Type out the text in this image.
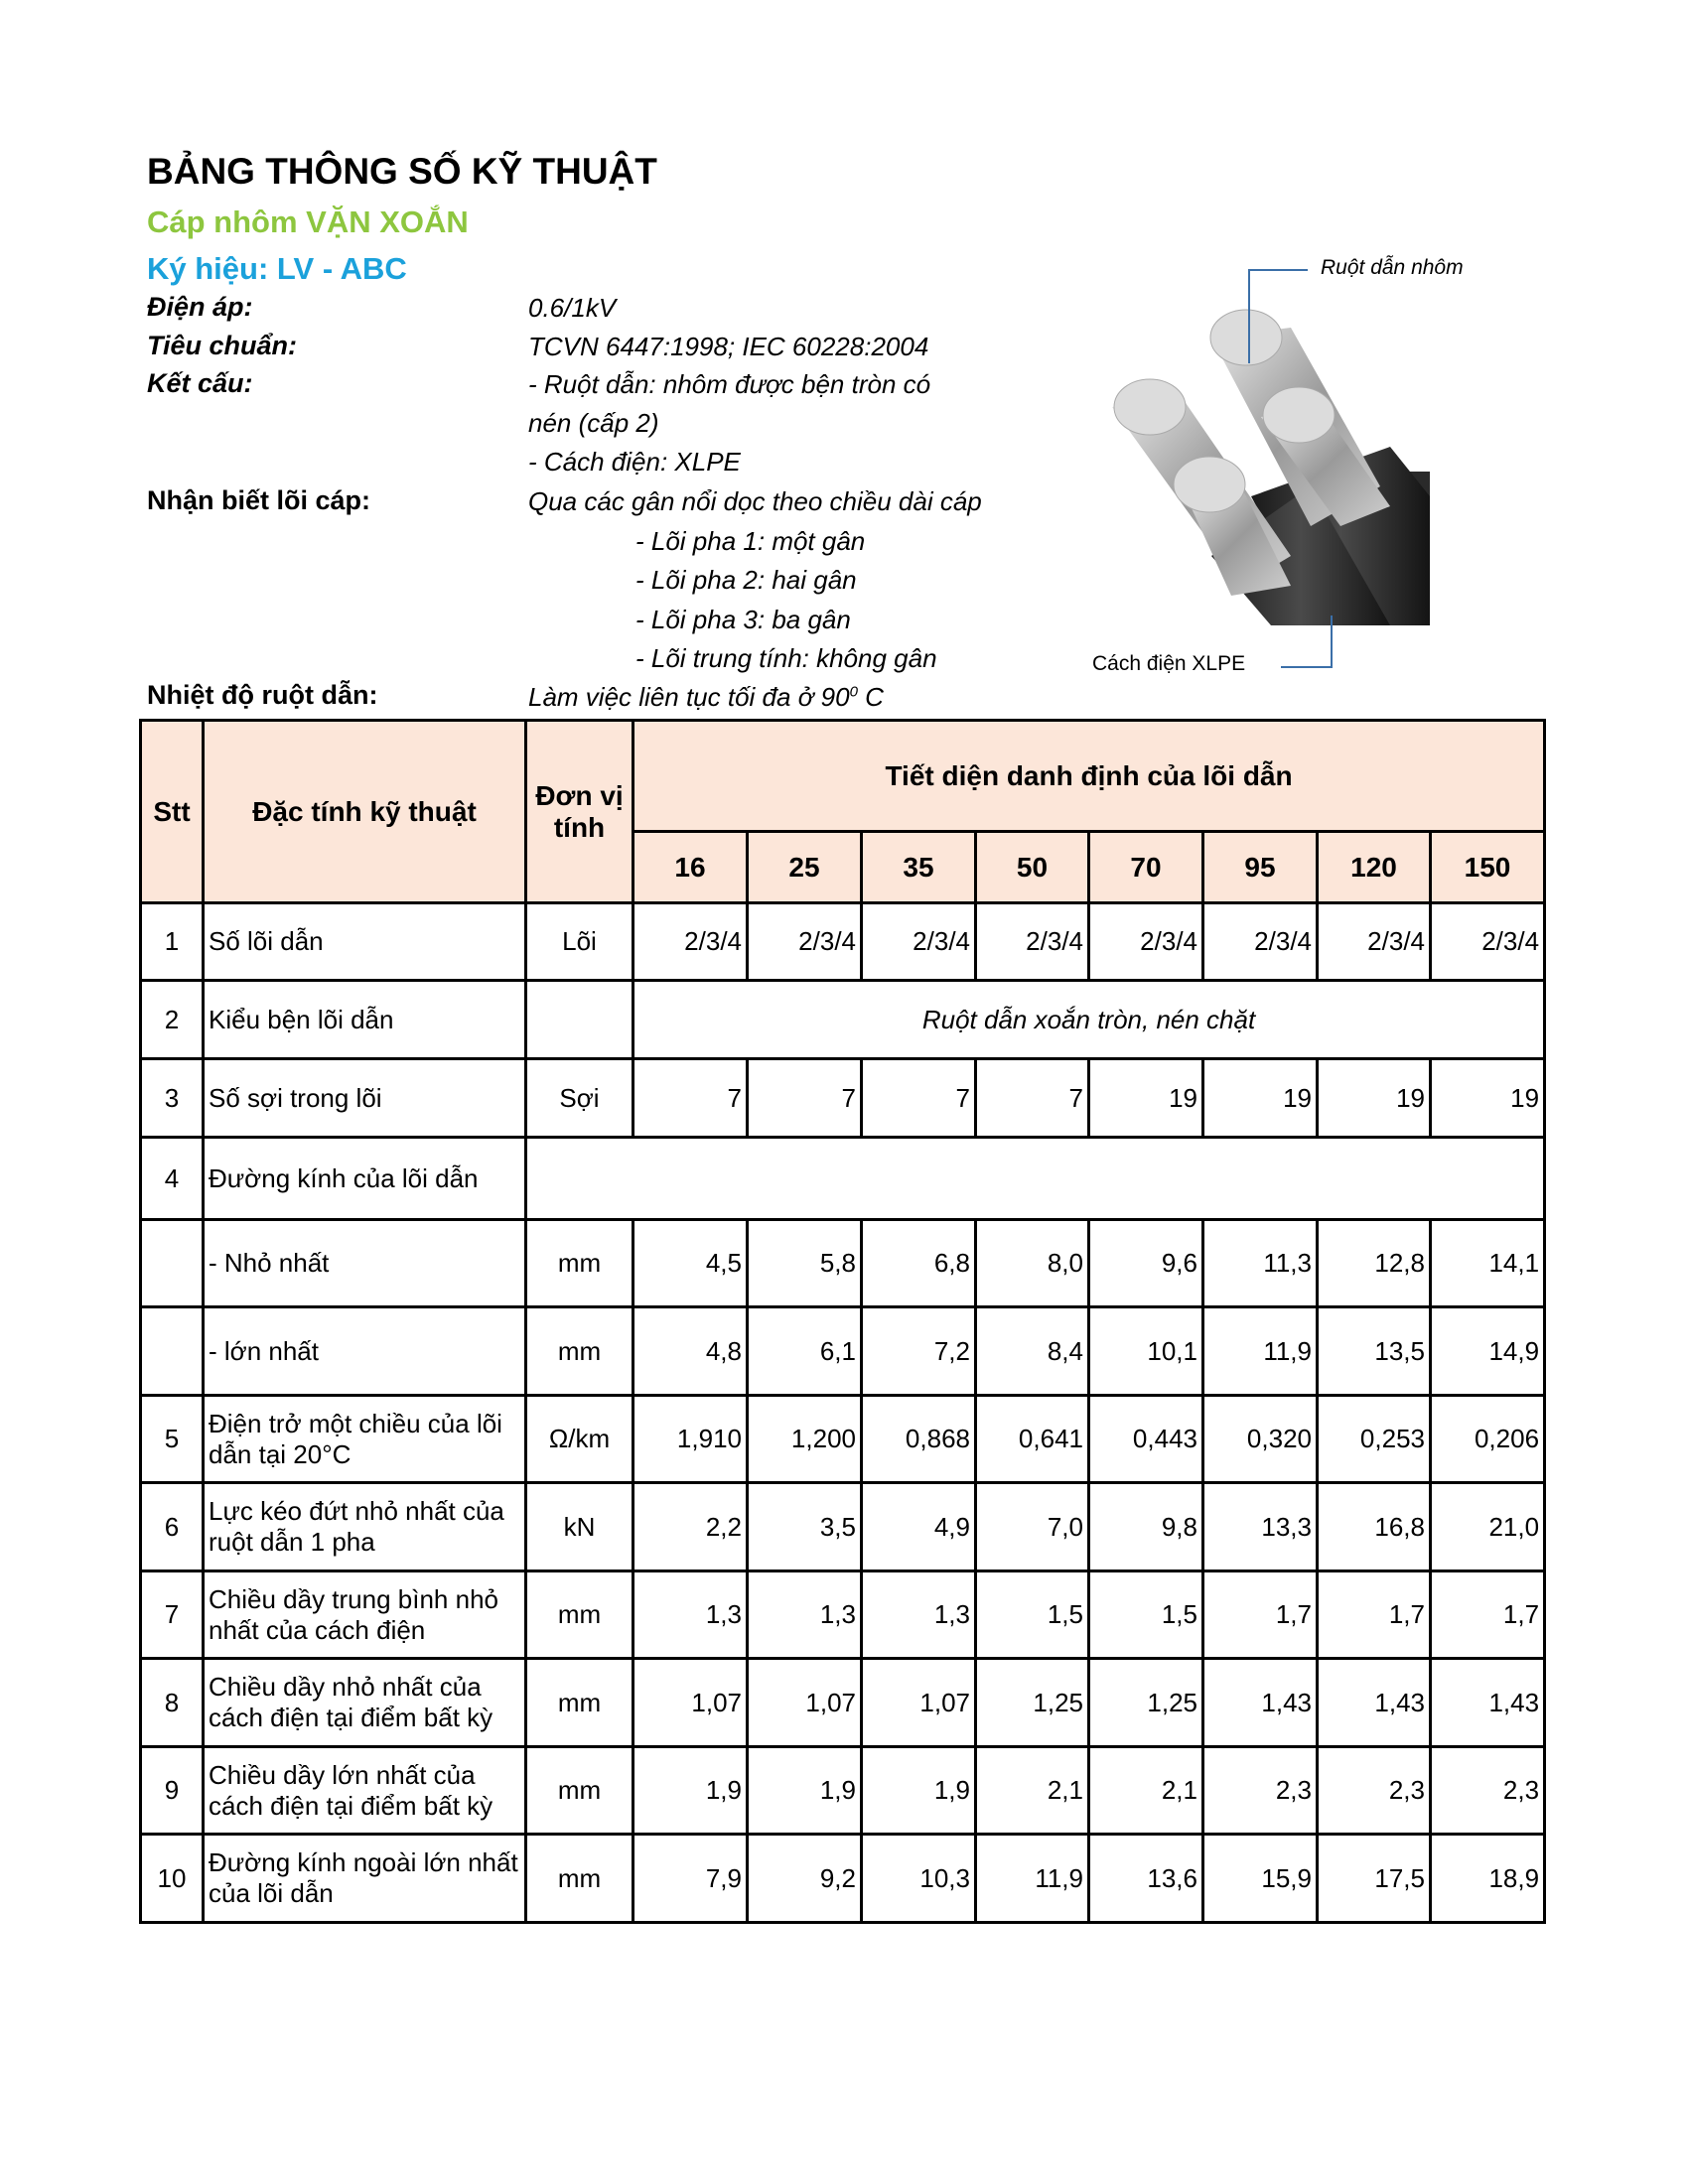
BẢNG THÔNG SỐ KỸ THUẬT
Cáp nhôm VẶN XOẮN
Ký hiệu: LV - ABC
Điện áp:	0.6/1kV
Tiêu chuẩn:	TCVN 6447:1998; IEC 60228:2004
Kết cấu:	- Ruột dẫn: nhôm được bện tròn có
nén (cấp 2)
- Cách điện: XLPE
Nhận biết lõi cáp:	Qua các gân nổi dọc theo chiều dài cáp
- Lõi pha 1: một gân
- Lõi pha 2: hai gân
- Lõi pha 3: ba gân
- Lõi trung tính: không gân
Nhiệt độ ruột dẫn:	Làm việc liên tục tối đa ở $90^0$ C
Ruột dẫn nhôm
Cách điện XLPE
Stt	Đặc tính kỹ thuật	Đơn vị tính	Tiết diện danh định của lõi dẫn							
			16	25	35	50	70	95	120	150
1	Số lõi dẫn	Lõi	2/3/4	2/3/4	2/3/4	2/3/4	2/3/4	2/3/4	2/3/4	2/3/4
2	Kiểu bện lõi dẫn		Ruột dẫn xoắn tròn, nén chặt							
3	Số sợi trong lõi	Sợi	7	7	7	7	19	19	19	19
4	Đường kính của lõi dẫn									
	- Nhỏ nhất	mm	4,5	5,8	6,8	8,0	9,6	11,3	12,8	14,1
	- lớn nhất	mm	4,8	6,1	7,2	8,4	10,1	11,9	13,5	14,9
5	Điện trở một chiều của lõi dẫn tại 20°C	Ω/km	1,910	1,200	0,868	0,641	0,443	0,320	0,253	0,206
6	Lực kéo đứt nhỏ nhất của ruột dẫn 1 pha	kN	2,2	3,5	4,9	7,0	9,8	13,3	16,8	21,0
7	Chiều dầy trung bình nhỏ nhất của cách điện	mm	1,3	1,3	1,3	1,5	1,5	1,7	1,7	1,7
8	Chiều dầy nhỏ nhất của cách điện tại điểm bất kỳ	mm	1,07	1,07	1,07	1,25	1,25	1,43	1,43	1,43
9	Chiều dầy lớn nhất của cách điện tại điểm bất kỳ	mm	1,9	1,9	1,9	2,1	2,1	2,3	2,3	2,3
10	Đường kính ngoài lớn nhất của lõi dẫn	mm	7,9	9,2	10,3	11,9	13,6	15,9	17,5	18,9
